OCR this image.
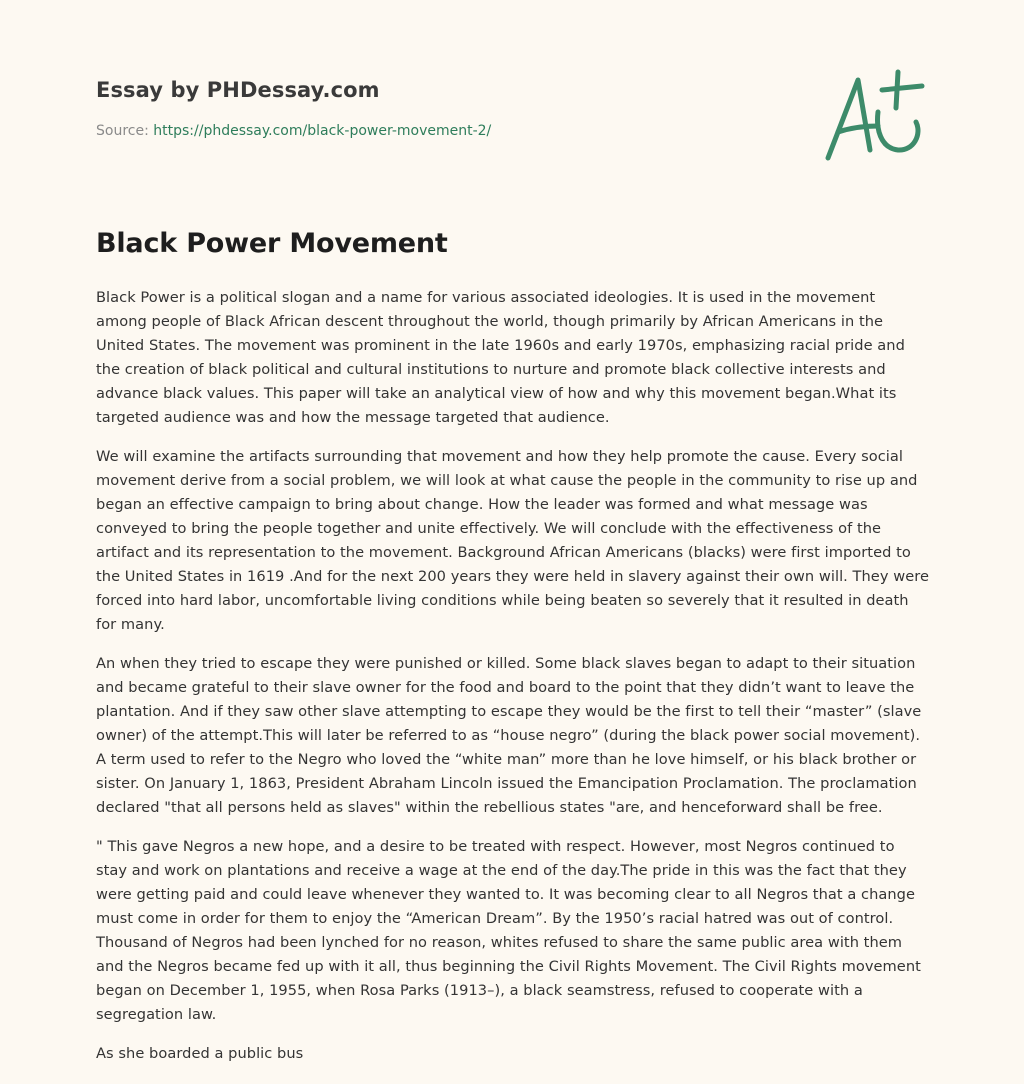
Essay by PHDessay.com
Source: https://phdessay.com/black-power-movement-2/
Black Power Movement

Black Power is a political slogan and a name for various associated ideologies. It is used in the movement among people of Black African descent throughout the world, though primarily by African Americans in the United States. The movement was prominent in the late 1960s and early 1970s, emphasizing racial pride and the creation of black political and cultural institutions to nurture and promote black collective interests and advance black values. This paper will take an analytical view of how and why this movement began.What its targeted audience was and how the message targeted that audience.

We will examine the artifacts surrounding that movement and how they help promote the cause. Every social movement derive from a social problem, we will look at what cause the people in the community to rise up and began an effective campaign to bring about change. How the leader was formed and what message was conveyed to bring the people together and unite effectively. We will conclude with the effectiveness of the artifact and its representation to the movement. Background African Americans (blacks) were first imported to the United States in 1619 .And for the next 200 years they were held in slavery against their own will. They were forced into hard labor, uncomfortable living conditions while being beaten so severely that it resulted in death for many.

An when they tried to escape they were punished or killed. Some black slaves began to adapt to their situation and became grateful to their slave owner for the food and board to the point that they didn’t want to leave the plantation. And if they saw other slave attempting to escape they would be the first to tell their “master” (slave owner) of the attempt.This will later be referred to as “house negro” (during the black power social movement). A term used to refer to the Negro who loved the “white man” more than he love himself, or his black brother or sister. On January 1, 1863, President Abraham Lincoln issued the Emancipation Proclamation. The proclamation declared "that all persons held as slaves" within the rebellious states "are, and henceforward shall be free.

" This gave Negros a new hope, and a desire to be treated with respect. However, most Negros continued to stay and work on plantations and receive a wage at the end of the day.The pride in this was the fact that they were getting paid and could leave whenever they wanted to. It was becoming clear to all Negros that a change must come in order for them to enjoy the “American Dream”. By the 1950’s racial hatred was out of control. Thousand of Negros had been lynched for no reason, whites refused to share the same public area with them and the Negros became fed up with it all, thus beginning the Civil Rights Movement. The Civil Rights movement began on December 1, 1955, when Rosa Parks (1913–), a black seamstress, refused to cooperate with a segregation law.

As she boarded a public bus
